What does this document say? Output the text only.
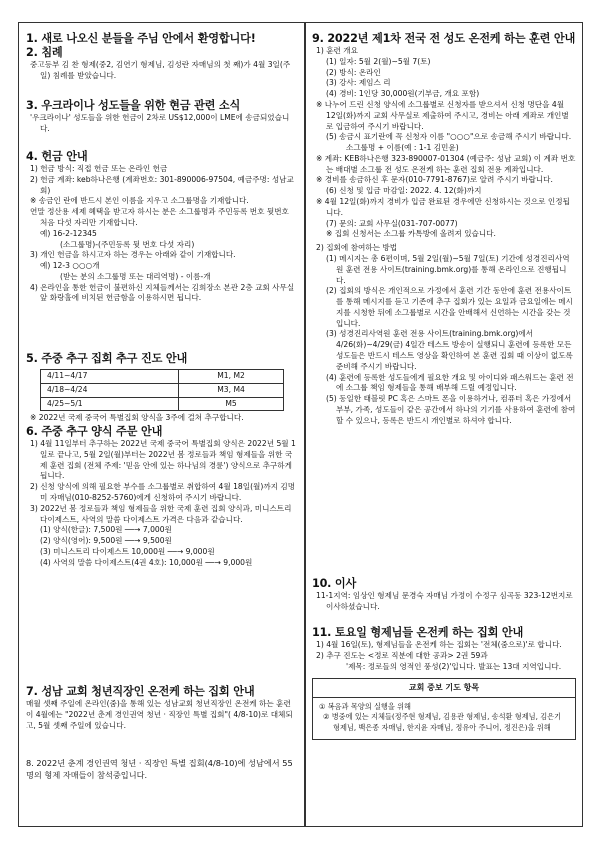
1. 새로 나오신 분들을 주님 안에서 환영합니다!
2. 침례

중고등부 김 찬 형제(중2, 김연기 형제님, 김성란 자매님의 첫 째)가 4월 3일(주일) 침례를 받았습니다.

3. 우크라이나 성도들을 위한 현금 관련 소식

'우크라이나' 성도들을 위한 헌금이 2차로 US$12,000이 LME에 송금되었습니다.

4. 헌금 안내

1) 헌금 방식: 직접 헌금 또는 온라인 헌금

2) 헌금 계좌: keb하나은행 (계좌번호: 301-890006-97504, 예금주명: 성남교회)

※ 송금인 란에 반드시 본인 이름을 지우고 소그룹명을 기재합니다.

연말 정산용 세제 혜택을 받고자 하시는 분은 소그룹명과 주민등록 번호 뒷번호 처음 다섯 자리만 기재합니다.

예) 16-2-12345

(소그룹명)-(주민등록 뒷 번호 다섯 자리)

3) 개인 헌금을 하시고자 하는 경우는 아래와 같이 기재합니다.

예) 12-3 ○○○개

(받는 분의 소그룹명 또는 대리역명) - 이름-개

4) 온라인을 통한 헌금이 불편하신 지체들께서는 김희장소 본관 2층 교회 사무실 앞 화랑홀에 비치된 헌금함을 이용하시면 됩니다.

5. 주중 추구 집회 추구 진도 안내
4/11~4/17	M1, M2
4/18~4/24	M3, M4
4/25~5/1	M5

※ 2022년 국제 중국어 특별집회 양식을 3주에 걸쳐 추구합니다.

6. 주중 추구 양식 주문 안내

1) 4월 11일부터 추구하는 2022년 국제 중국어 특별집회 양식은 2022년 5월 1일로 끝나고, 5월 2일(월)부터는 2022년 봄 정로들과 책임 형제들을 위한 국제 훈련 집회 (전체 주제: '믿음 안에 있는 하나님의 경륜') 양식으로 추구하게 됩니다.

2) 신청 양식에 의해 필요한 부수를 소그룹별로 취합하여 4월 18일(월)까지 김명미 자매님(010-8252-5760)에게 신청하여 주시기 바랍니다.

3) 2022년 봄 정로들과 책임 형제들을 위한 국제 훈련 집회 양식과, 미니스트리 다이제스트, 사역의 말씀 다이제스트 가격은 다음과 같습니다.

(1) 양식(한글): 7,500원 ──→ 7,000원

(2) 양식(영어): 9,500원 ──→ 9,500원

(3) 미니스트리 다이제스트 10,000원 ──→ 9,000원

(4) 사역의 말씀 다이제스트(4권 4호): 10,000원 ──→ 9,000원

7. 성남 교회 청년직장인 온전케 하는 집회 안내

매월 셋째 주일에 온라인(줌)을 통해 있는 성남교회 청년직장인 온전케 하는 훈련이 4월에는 "2022년 춘계 경인권역 청년 · 직장인 특별 집회"( 4/8-10)로 대체되고, 5월 셋째 주일에 있습니다.

8. 2022년 춘계 경인권역 청년 · 직장인 특별 집회(4/8-10)에 성남에서 55명의 형제 자매들이 참석중입니다.

9. 2022년 제1차 전국 전 성도 온전케 하는 훈련 안내

1) 훈련 개요

(1) 일자: 5월 2(월)~5월 7(토)

(2) 방식: 온라인

(3) 강사: 제임스 리

(4) 경비: 1인당 30,000원(기부금, 개요 포함)

※ 나누어 드린 신청 양식에 소그룹별로 신청자를 받으셔서 신청 명단을 4월 12일(화)까지 교회 사무실로 제출하여 주시고, 경비는 아래 계좌로 개인별로 입금하여 주시기 바랍니다.

(5) 송금시 표기란에 꼭 신청자 이름 "○○○"으로 송금해 주시기 바랍니다.

소그룹명 + 이름(예 : 1-1 김민윤)

※ 계좌: KEB하나은행 323-890007-01304 (예금주: 성남 교회) 이 계좌 번호는 배대별 소그룹 전 성도 온전케 하는 훈련 집회 전용 계좌입니다.

※ 경비를 송금하신 후 문자(010-7791-8767)로 알려 주시기 바랍니다.

(6) 신청 및 입금 마감일: 2022. 4. 12(화)까지

※ 4월 12일(화)까지 경비가 입금 완료된 경우에만 신청하시는 것으로 인정됩니다.

(7) 문의: 교회 사무실(031-707-0077)

※ 집회 신청서는 소그룹 카톡방에 올려져 있습니다.

2) 집회에 참여하는 방법

(1) 메시지는 총 6편이며, 5월 2일(월)~5월 7일(토) 기간에 성경진리사역원 훈련 전용 사이트(training.bmk.org)를 통해 온라인으로 진행됩니다.

(2) 집회의 방식은 개인적으로 가정에서 훈련 기간 동안에 훈련 전용사이트를 통해 메시지를 듣고 기존에 추구 집회가 있는 요일과 금요일에는 메시지를 시청한 뒤에 소그룹별로 시간을 안배해서 신언하는 시간을 갖는 것입니다.

(3) 성경진리사역원 훈련 전용 사이트(training.bmk.org)에서 4/26(화)~4/29(금) 4일간 테스트 방송이 실행되니 훈련에 등록한 모든 성도들은 반드시 테스트 영상을 확인하여 본 훈련 집회 때 이상이 없도록 준비해 주시기 바랍니다.

(4) 훈련에 등록한 성도들에게 필요한 개요 및 아이디와 패스워드는 훈련 전에 소그룹 책임 형제들을 통해 배부해 드릴 예정입니다.

(5) 동일한 태블릿 PC 혹은 스마트 폰을 이용하거나, 컴퓨터 혹은 가정에서 부부, 가족, 성도들이 같은 공간에서 하나의 기기를 사용하여 훈련에 참여할 수 있으나, 등록은 반드시 개인별로 하셔야 합니다.

10. 이사

11-1지역: 임상인 형제님 문경숙 자매님 가정이 수정구 심곡동 323-12번지로 이사하셨습니다.

11. 토요일 형제님들 온전케 하는 집회 안내

1) 4월 16일(토), 형제님들을 온전케 하는 집회는 '전체(줌으로)'로 합니다.

2) 추구 진도는 <정로 직분에 대한 공과> 2권 59과

'제목: 정로들의 영적인 풍성(2)'입니다. 발표는 13대 지역입니다.

교회 중보 기도 항목

① 복음과 목양의 실행을 위해

② 병중에 있는 지체들(정주현 형제님, 김용관 형제님, 송석환 형제님, 김은기 형제님, 백은종 자매님, 한지윤 자매님, 정유아 주니어, 정진은)을 위해
